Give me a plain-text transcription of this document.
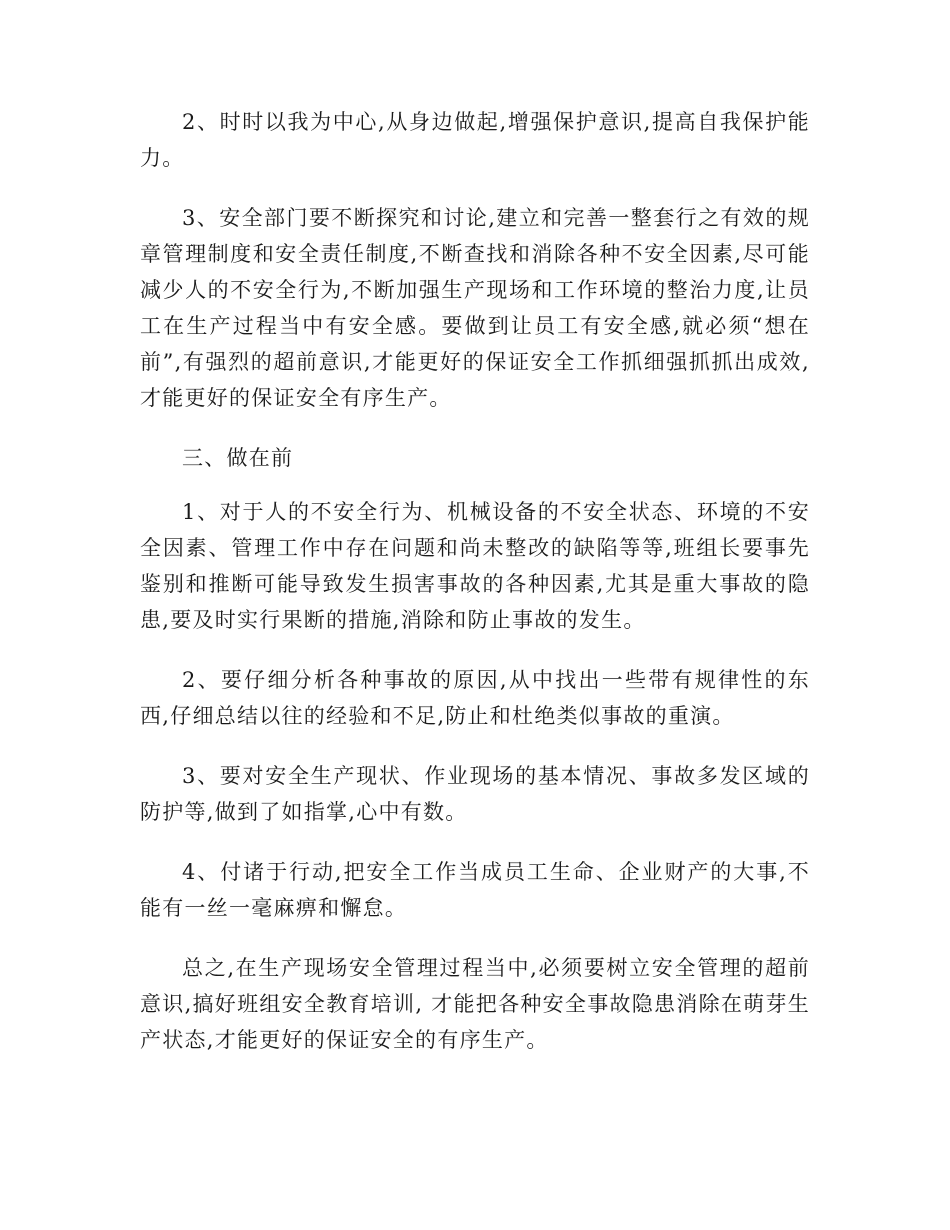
2、时时以我为中心,从身边做起,增强保护意识,提高自我保护能力。

3、安全部门要不断探究和讨论,建立和完善一整套行之有效的规章管理制度和安全责任制度,不断查找和消除各种不安全因素,尽可能减少人的不安全行为,不断加强生产现场和工作环境的整治力度,让员工在生产过程当中有安全感。要做到让员工有安全感,就必须“想在前”,有强烈的超前意识,才能更好的保证安全工作抓细强抓抓出成效,才能更好的保证安全有序生产。

三、做在前

1、对于人的不安全行为、机械设备的不安全状态、环境的不安全因素、管理工作中存在问题和尚未整改的缺陷等等,班组长要事先鉴别和推断可能导致发生损害事故的各种因素,尤其是重大事故的隐患,要及时实行果断的措施,消除和防止事故的发生。

2、要仔细分析各种事故的原因,从中找出一些带有规律性的东西,仔细总结以往的经验和不足,防止和杜绝类似事故的重演。

3、要对安全生产现状、作业现场的基本情况、事故多发区域的防护等,做到了如指掌,心中有数。

4、付诸于行动,把安全工作当成员工生命、企业财产的大事,不能有一丝一毫麻痹和懈怠。

总之,在生产现场安全管理过程当中,必须要树立安全管理的超前意识,搞好班组安全教育培训, 才能把各种安全事故隐患消除在萌芽生产状态,才能更好的保证安全的有序生产。
